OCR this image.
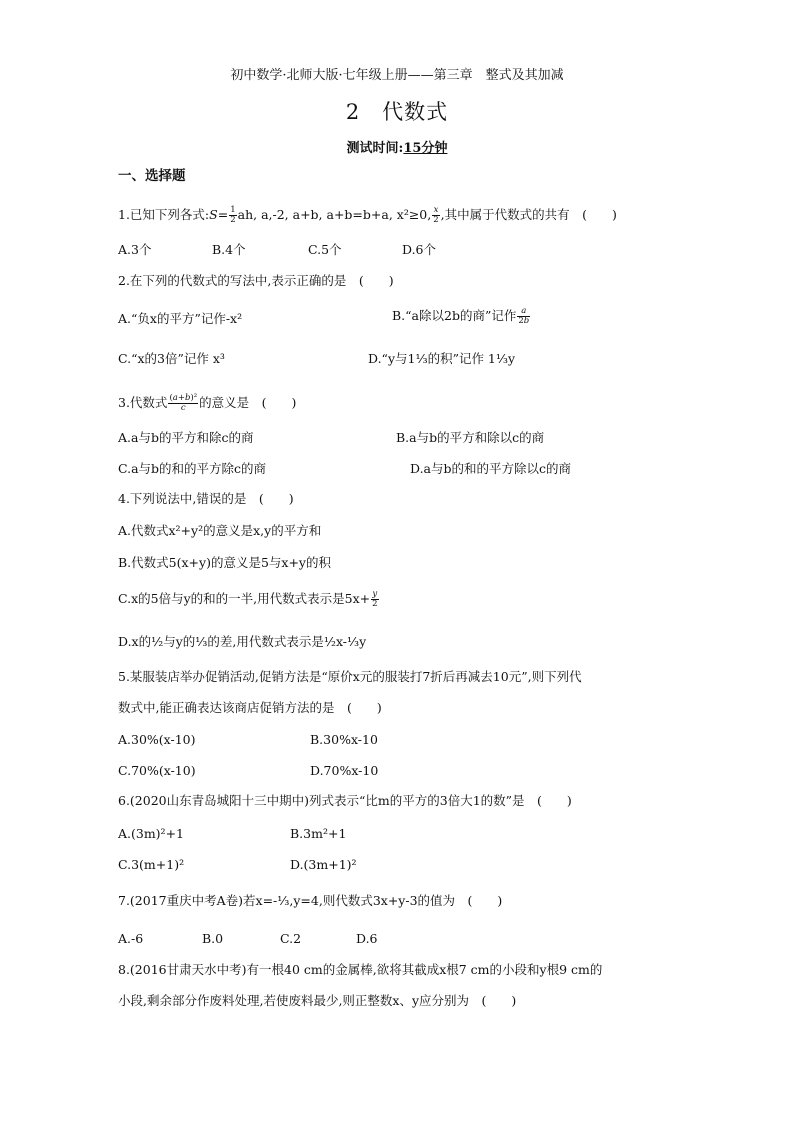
初中数学·北师大版·七年级上册——第三章　整式及其加减
2　代数式
测试时间:15分钟
一、选择题
1.已知下列各式:S= $\frac{1}{2}$ ah, a,-2, a+b, a+b=b+a, x²≥0, $\frac{x}{2}$ ,其中属于代数式的共有　(　　)
A.3个	B.4个	C.5个	D.6个
2.在下列的代数式的写法中,表示正确的是　(　　)
A.“负x的平方”记作-x²	B.“a除以2b的商”记作 $\frac{a}{2b}$
C.“x的3倍”记作 x³	D.“y与1⅓的积”记作 1⅓y
3.代数式 $\frac{\text{(a+b)²}}{c}$ 的意义是　(　　)
A.a与b的平方和除c的商	B.a与b的平方和除以c的商
C.a与b的和的平方除c的商	D.a与b的和的平方除以c的商
4.下列说法中,错误的是　(　　)
A.代数式x²+y²的意义是x,y的平方和
B.代数式5(x+y)的意义是5与x+y的积
C.x的5倍与y的和的一半,用代数式表示是$5x+ \frac{y}{2}$
D.x的½与y的⅓的差,用代数式表示是½x-⅓y
5.某服装店举办促销活动,促销方法是“原价x元的服装打7折后再减去10元”,则下列代
数式中,能正确表达该商店促销方法的是　(　　)
A.30%(x-10)	B.30%x-10
C.70%(x-10)	D.70%x-10
6.(2020山东青岛城阳十三中期中)列式表示“比m的平方的3倍大1的数”是　(　　)
A.(3m)²+1	B.3m²+1
C.3(m+1)²	D.(3m+1)²
7.(2017重庆中考A卷)若x=-⅓,y=4,则代数式3x+y-3的值为　(　　)
A.-6	B.0	C.2	D.6
8.(2016甘肃天水中考)有一根40 cm的金属棒,欲将其截成x根7 cm的小段和y根9 cm的
小段,剩余部分作废料处理,若使废料最少,则正整数x、y应分别为　(　　)
